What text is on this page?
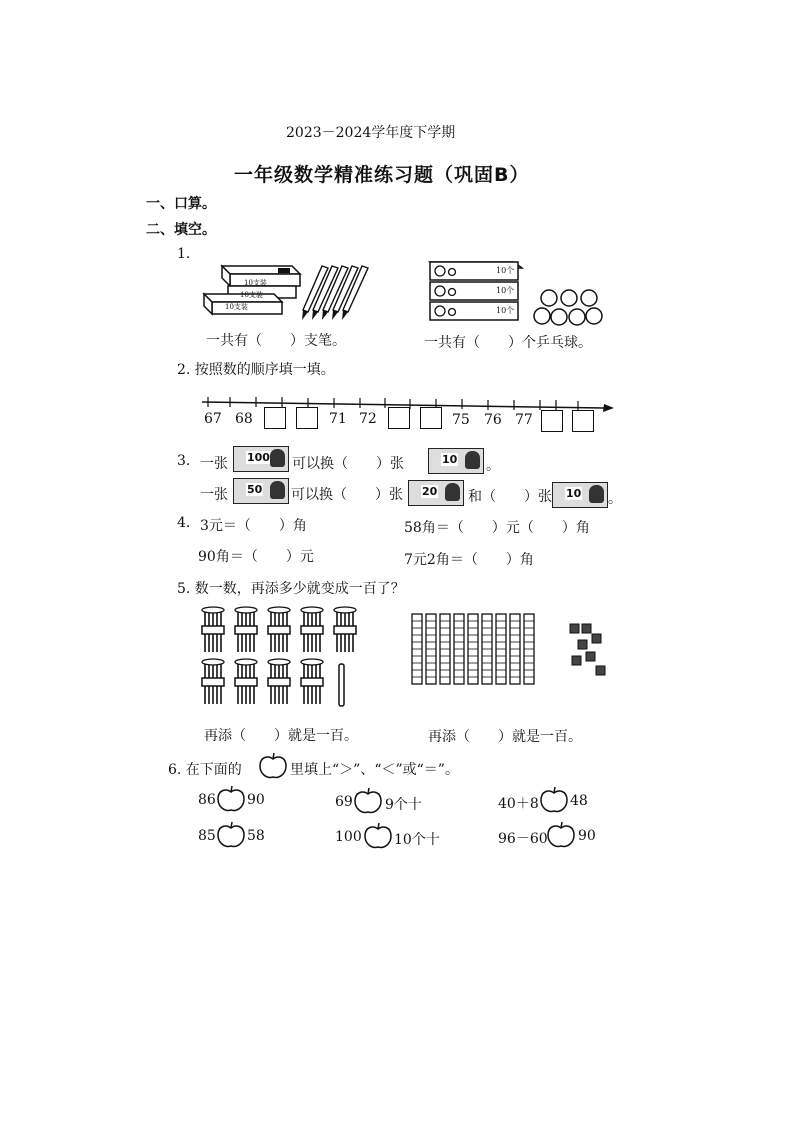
2023－2024学年度下学期
一年级数学精准练习题（巩固B）
一、口算。
二、填空。
1.
10支装
10支装
10支装
一共有（　　）支笔。
10个
10个
10个
一共有（　　）个乒乓球。
2. 按照数的顺序填一填。
67 68	71 72	75 76 77
3. 一张 100 可以换（　　）张	10 。
一张 50 可以换（　　）张 20 和（　　）张 10 。
4. 3元＝（　　）角	58角＝（　　）元（　　）角
90角＝（　　）元	7元2角＝（　　）角
5. 数一数，再添多少就变成一百了？
再添（　　）就是一百。	再添（　　）就是一百。
6. 在下面的	里填上“＞”、“＜”或“＝”。
86 90	69 9个十	40＋8 48
85 58	100 10个十	96－60 90
